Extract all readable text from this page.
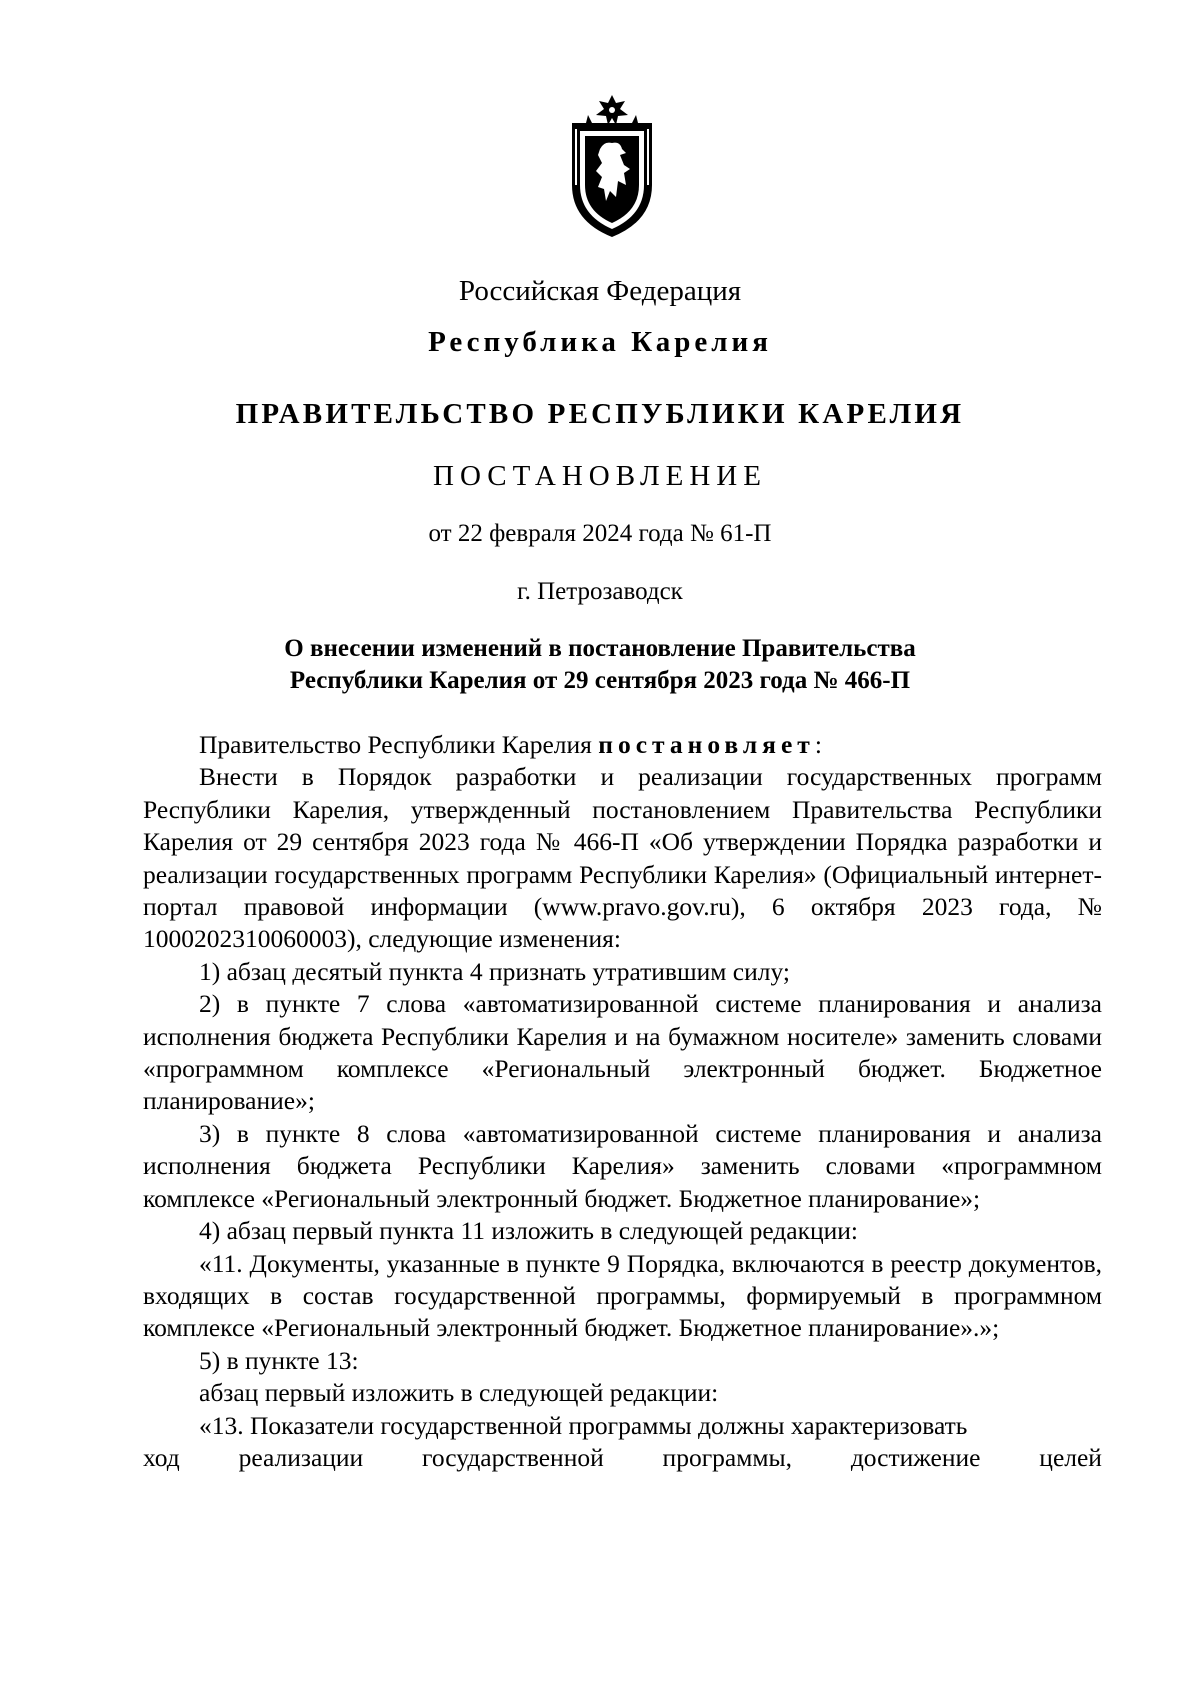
Российская Федерация
Республика Карелия
ПРАВИТЕЛЬСТВО РЕСПУБЛИКИ КАРЕЛИЯ
ПОСТАНОВЛЕНИЕ
от 22 февраля 2024 года № 61-П
г. Петрозаводск
О внесении изменений в постановление Правительства
Республики Карелия от 29 сентября 2023 года № 466-П

Правительство Республики Карелия постановляет:

Внести в Порядок разработки и реализации государственных программ Республики Карелия, утвержденный постановлением Правительства Республики Карелия от 29 сентября 2023 года № 466-П «Об утверждении Порядка разработки и реализации государственных программ Республики Карелия» (Официальный интернет-портал правовой информации (www.pravo.gov.ru), 6 октября 2023 года, № 1000202310060003), следующие изменения:

1) абзац десятый пункта 4 признать утратившим силу;

2) в пункте 7 слова «автоматизированной системе планирования и анализа исполнения бюджета Республики Карелия и на бумажном носителе» заменить словами «программном комплексе «Региональный электронный бюджет. Бюджетное планирование»;

3) в пункте 8 слова «автоматизированной системе планирования и анализа исполнения бюджета Республики Карелия» заменить словами «программном комплексе «Региональный электронный бюджет. Бюджетное планирование»;

4) абзац первый пункта 11 изложить в следующей редакции:

«11. Документы, указанные в пункте 9 Порядка, включаются в реестр документов, входящих в состав государственной программы, формируемый в программном комплексе «Региональный электронный бюджет. Бюджетное планирование».»;

5) в пункте 13:

абзац первый изложить в следующей редакции:

«13. Показатели государственной программы должны характеризовать

ход реализации государственной программы, достижение целей
